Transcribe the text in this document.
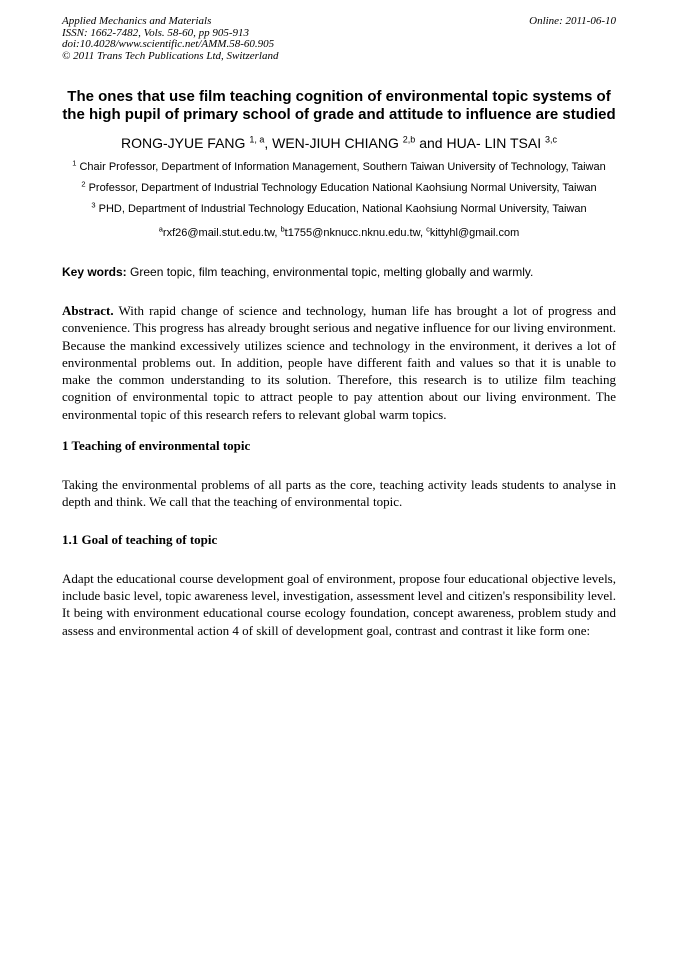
Applied Mechanics and Materials
ISSN: 1662-7482, Vols. 58-60, pp 905-913
doi:10.4028/www.scientific.net/AMM.58-60.905
© 2011 Trans Tech Publications Ltd, Switzerland
Online: 2011-06-10
The ones that use film teaching cognition of environmental topic systems of the high pupil of primary school of grade and attitude to influence are studied
RONG-JYUE FANG $^{1, a}$, WEN-JIUH CHIANG $^{2,b}$ and HUA- LIN TSAI $^{3,c}$
$^1$ Chair Professor, Department of Information Management, Southern Taiwan University of Technology, Taiwan
$^2$ Professor, Department of Industrial Technology Education National Kaohsiung Normal University, Taiwan
$^3$ PHD, Department of Industrial Technology Education, National Kaohsiung Normal University, Taiwan
$^a$rxf26@mail.stut.edu.tw, $^b$t1755@nknucc.nknu.edu.tw, $^c$kittyhl@gmail.com
Key words: Green topic, film teaching, environmental topic, melting globally and warmly.

Abstract. With rapid change of science and technology, human life has brought a lot of progress and convenience. This progress has already brought serious and negative influence for our living environment. Because the mankind excessively utilizes science and technology in the environment, it derives a lot of environmental problems out. In addition, people have different faith and values so that it is unable to make the common understanding to its solution. Therefore, this research is to utilize film teaching cognition of environmental topic to attract people to pay attention about our living environment. The environmental topic of this research refers to relevant global warm topics.

1 Teaching of environmental topic

Taking the environmental problems of all parts as the core, teaching activity leads students to analyse in depth and think. We call that the teaching of environmental topic.

1.1 Goal of teaching of topic

Adapt the educational course development goal of environment, propose four educational objective levels, include basic level, topic awareness level, investigation, assessment level and citizen's responsibility level. It being with environment educational course ecology foundation, concept awareness, problem study and assess and environmental action 4 of skill of development goal, contrast and contrast it like form one:
